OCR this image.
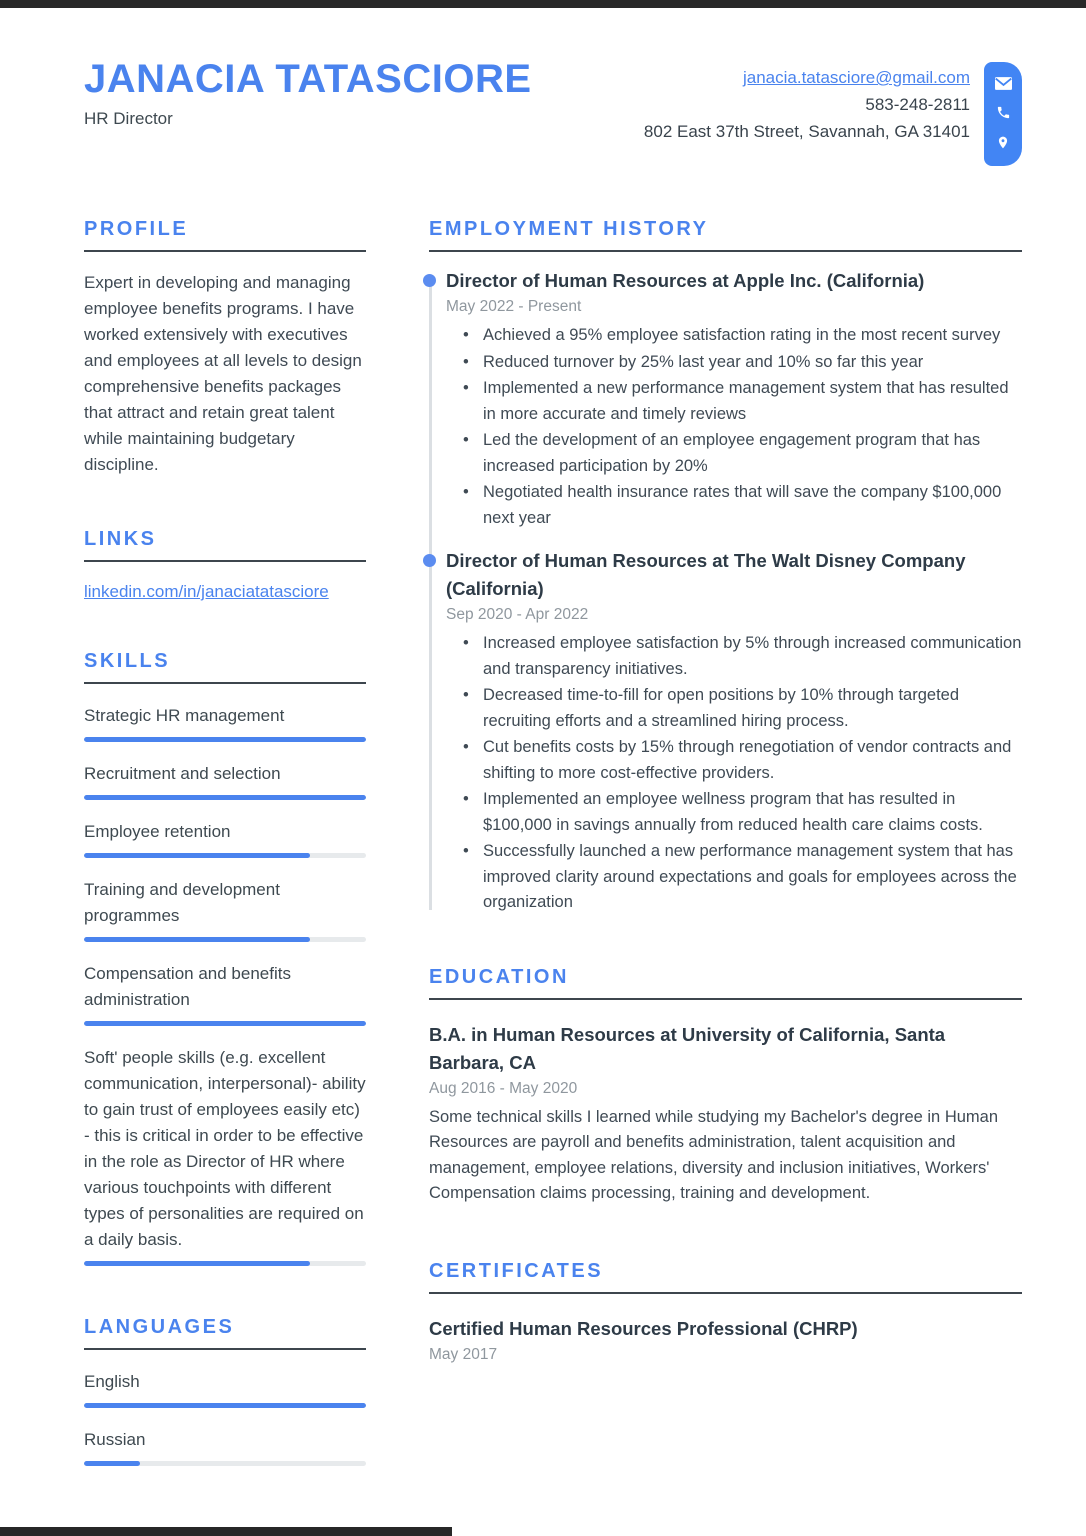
JANACIA TATASCIORE
HR Director
janacia.tatasciore@gmail.com
583-248-2811
802 East 37th Street, Savannah, GA 31401
PROFILE
Expert in developing and managing employee benefits programs. I have worked extensively with executives and employees at all levels to design comprehensive benefits packages that attract and retain great talent while maintaining budgetary discipline.
LINKS
linkedin.com/in/janaciatatasciore
SKILLS
Strategic HR management
Recruitment and selection
Employee retention
Training and development programmes
Compensation and benefits administration
Soft' people skills (e.g. excellent communication, interpersonal)- ability to gain trust of employees easily etc) - this is critical in order to be effective in the role as Director of HR where various touchpoints with different types of personalities are required on a daily basis.
LANGUAGES
English
Russian
EMPLOYMENT HISTORY
Director of Human Resources at Apple Inc. (California)
May 2022 - Present
• Achieved a 95% employee satisfaction rating in the most recent survey
• Reduced turnover by 25% last year and 10% so far this year
• Implemented a new performance management system that has resulted in more accurate and timely reviews
• Led the development of an employee engagement program that has increased participation by 20%
• Negotiated health insurance rates that will save the company $100,000 next year
Director of Human Resources at The Walt Disney Company (California)
Sep 2020 - Apr 2022
• Increased employee satisfaction by 5% through increased communication and transparency initiatives.
• Decreased time-to-fill for open positions by 10% through targeted recruiting efforts and a streamlined hiring process.
• Cut benefits costs by 15% through renegotiation of vendor contracts and shifting to more cost-effective providers.
• Implemented an employee wellness program that has resulted in $100,000 in savings annually from reduced health care claims costs.
• Successfully launched a new performance management system that has improved clarity around expectations and goals for employees across the organization
EDUCATION
B.A. in Human Resources at University of California, Santa Barbara, CA
Aug 2016 - May 2020
Some technical skills I learned while studying my Bachelor's degree in Human Resources are payroll and benefits administration, talent acquisition and management, employee relations, diversity and inclusion initiatives, Workers' Compensation claims processing, training and development.
CERTIFICATES
Certified Human Resources Professional (CHRP)
May 2017
